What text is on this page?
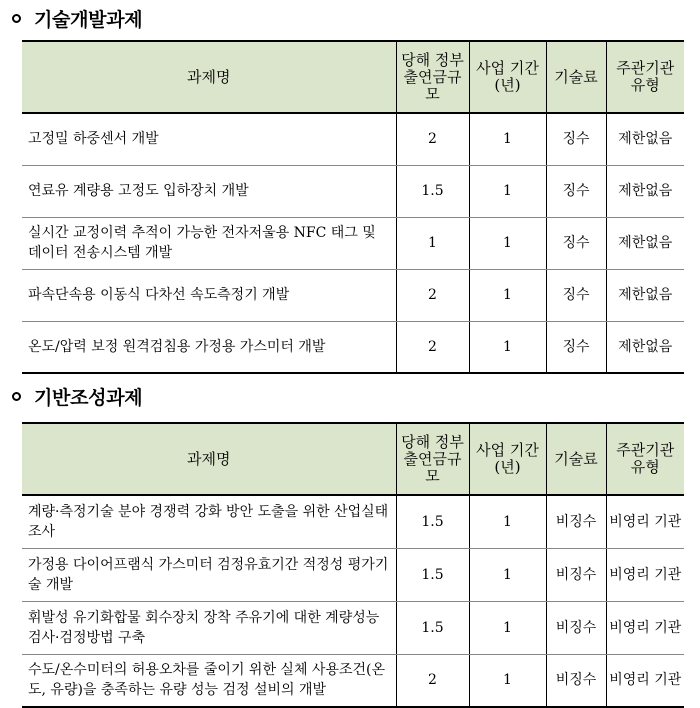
기술개발과제
과제명	당해 정부 출연금규모	사업 기간(년)	기술료	주관기관 유형
고정밀 하중센서 개발	2	1	징수	제한없음
연료유 계량용 고정도 입하장치 개발	1.5	1	징수	제한없음
실시간 교정이력 추적이 가능한 전자저울용 NFC 태그 및 데이터 전송시스템 개발	1	1	징수	제한없음
파속단속용 이동식 다차선 속도측정기 개발	2	1	징수	제한없음
온도/압력 보정 원격검침용 가정용 가스미터 개발	2	1	징수	제한없음
기반조성과제
과제명	당해 정부 출연금규모	사업 기간(년)	기술료	주관기관 유형
계량·측정기술 분야 경쟁력 강화 방안 도출을 위한 산업실태조사	1.5	1	비징수	비영리 기관
가정용 다이어프램식 가스미터 검정유효기간 적정성 평가기술 개발	1.5	1	비징수	비영리 기관
휘발성 유기화합물 회수장치 장착 주유기에 대한 계량성능 검사·검정방법 구축	1.5	1	비징수	비영리 기관
수도/온수미터의 허용오차를 줄이기 위한 실체 사용조건(온도, 유량)을 충족하는 유량 성능 검정 설비의 개발	2	1	비징수	비영리 기관
